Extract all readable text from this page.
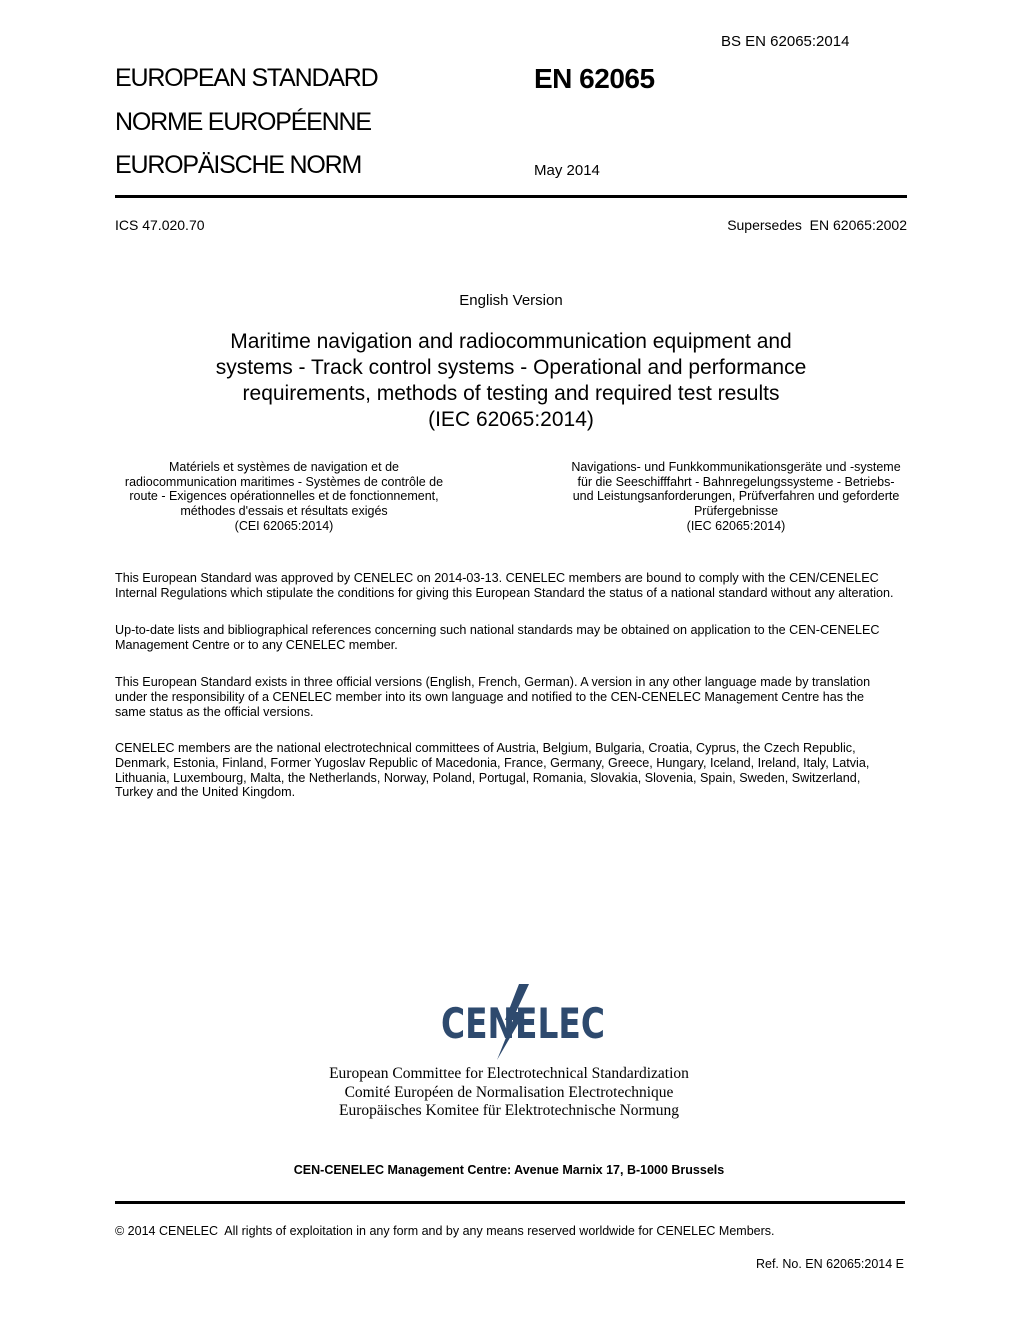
BS EN 62065:2014
EUROPEAN STANDARD
NORME EUROPÉENNE
EUROPÄISCHE NORM
EN 62065
May 2014
ICS 47.020.70	Supersedes  EN 62065:2002
English Version
Maritime navigation and radiocommunication equipment and
systems - Track control systems - Operational and performance
requirements, methods of testing and required test results
(IEC 62065:2014)
Matériels et systèmes de navigation et de
radiocommunication maritimes - Systèmes de contrôle de
route - Exigences opérationnelles et de fonctionnement,
méthodes d'essais et résultats exigés
(CEI 62065:2014)
Navigations- und Funkkommunikationsgeräte und -systeme
für die Seeschifffahrt - Bahnregelungssysteme - Betriebs-
und Leistungsanforderungen, Prüfverfahren und geforderte
Prüfergebnisse
(IEC 62065:2014)
This European Standard was approved by CENELEC on 2014-03-13. CENELEC members are bound to comply with the CEN/CENELEC
Internal Regulations which stipulate the conditions for giving this European Standard the status of a national standard without any alteration.
Up-to-date lists and bibliographical references concerning such national standards may be obtained on application to the CEN-CENELEC
Management Centre or to any CENELEC member.
This European Standard exists in three official versions (English, French, German). A version in any other language made by translation
under the responsibility of a CENELEC member into its own language and notified to the CEN-CENELEC Management Centre has the
same status as the official versions.
CENELEC members are the national electrotechnical committees of Austria, Belgium, Bulgaria, Croatia, Cyprus, the Czech Republic,
Denmark, Estonia, Finland, Former Yugoslav Republic of Macedonia, France, Germany, Greece, Hungary, Iceland, Ireland, Italy, Latvia,
Lithuania, Luxembourg, Malta, the Netherlands, Norway, Poland, Portugal, Romania, Slovakia, Slovenia, Spain, Sweden, Switzerland,
Turkey and the United Kingdom.
CENELEC
European Committee for Electrotechnical Standardization
Comité Européen de Normalisation Electrotechnique
Europäisches Komitee für Elektrotechnische Normung
CEN-CENELEC Management Centre: Avenue Marnix 17, B-1000 Brussels
© 2014 CENELEC  All rights of exploitation in any form and by any means reserved worldwide for CENELEC Members.
Ref. No. EN 62065:2014 E
